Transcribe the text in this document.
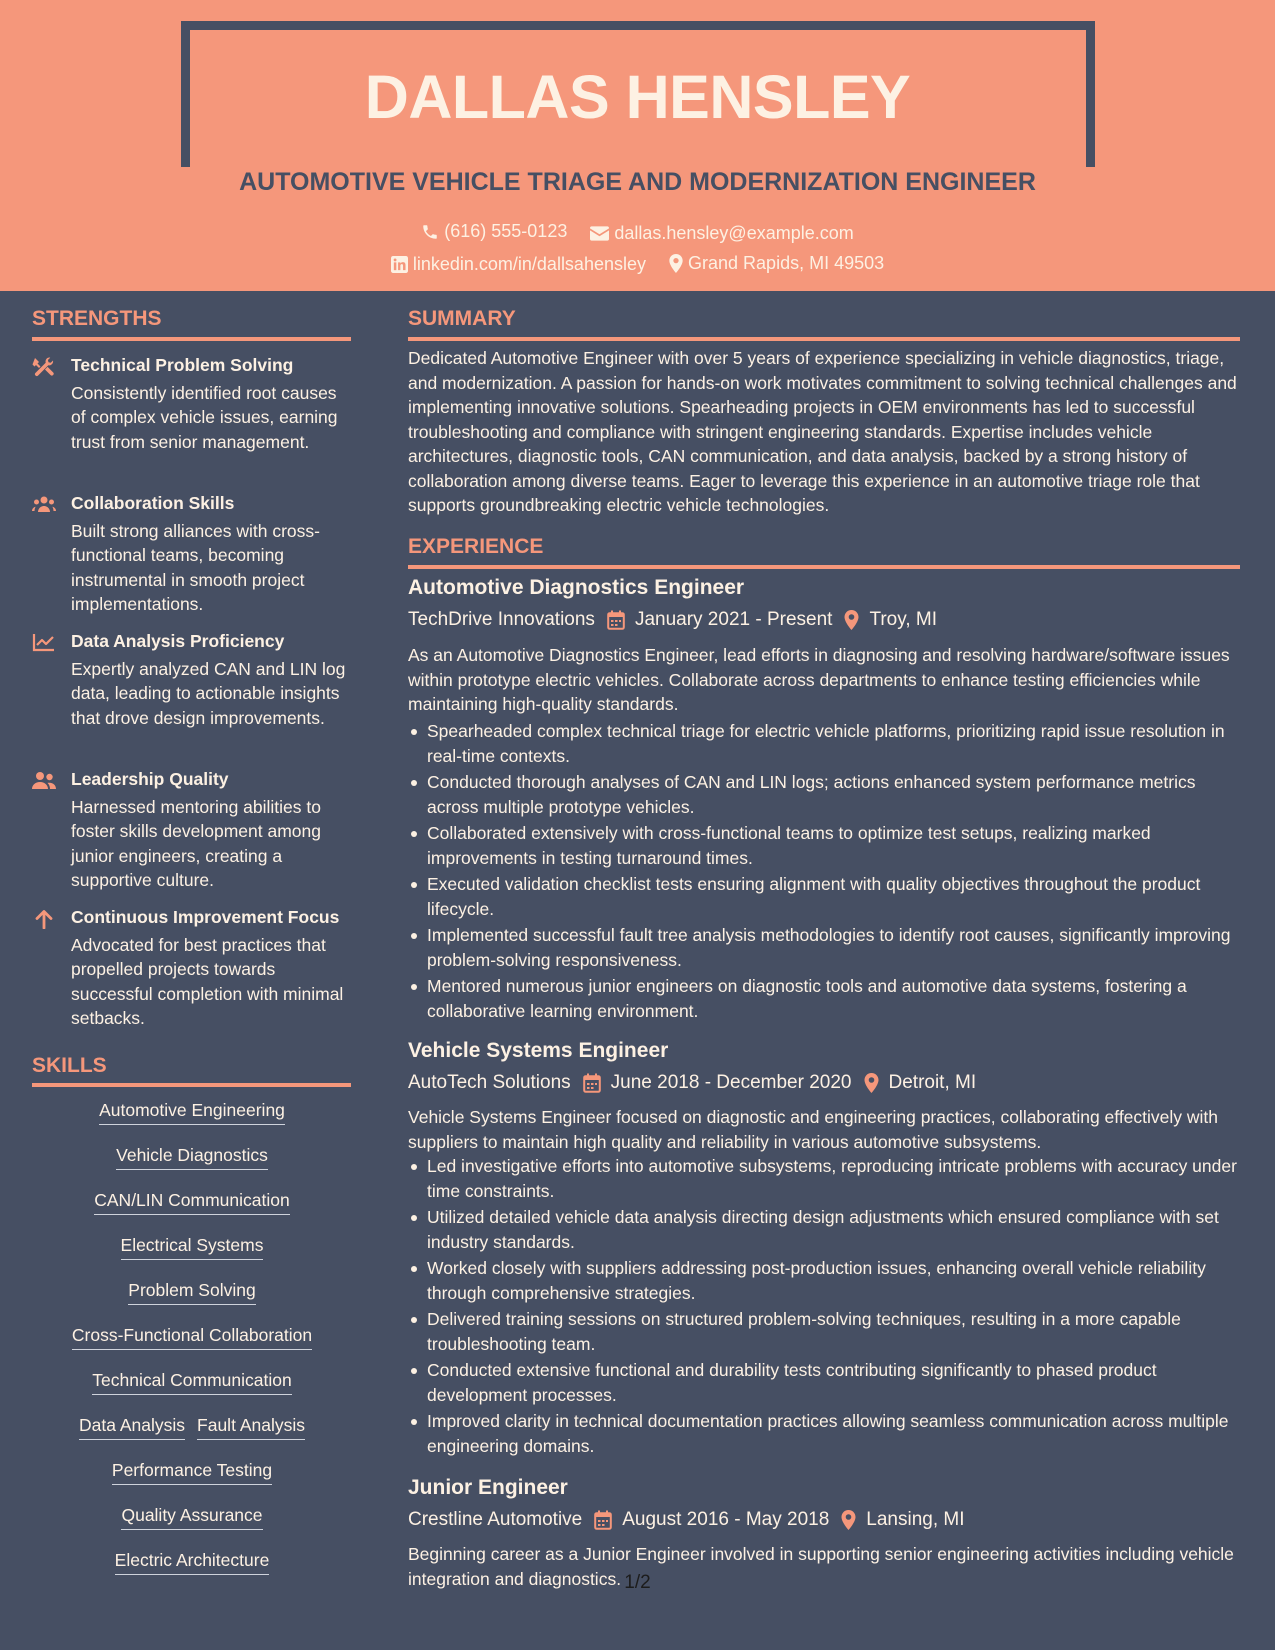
DALLAS HENSLEY
AUTOMOTIVE VEHICLE TRIAGE AND MODERNIZATION ENGINEER
(616) 555-0123
	dallas.hensley@example.com
linkedin.com/in/dallsahensley
Grand Rapids, MI 49503
STRENGTHS
Technical Problem Solving
Consistently identified root causes of complex vehicle issues, earning trust from senior management.
Collaboration Skills
Built strong alliances with cross-functional teams, becoming instrumental in smooth project implementations.
Data Analysis Proficiency
Expertly analyzed CAN and LIN log data, leading to actionable insights that drove design improvements.
Leadership Quality
Harnessed mentoring abilities to foster skills development among junior engineers, creating a supportive culture.
Continuous Improvement Focus
Advocated for best practices that propelled projects towards successful completion with minimal setbacks.
SKILLS
Automotive Engineering
Vehicle Diagnostics
CAN/LIN Communication
Electrical Systems
Problem Solving
Cross-Functional Collaboration
Technical Communication
Data Analysis Fault Analysis
Performance Testing
Quality Assurance
Electric Architecture
SUMMARY
Dedicated Automotive Engineer with over 5 years of experience specializing in vehicle diagnostics, triage, and modernization. A passion for hands-on work motivates commitment to solving technical challenges and implementing innovative solutions. Spearheading projects in OEM environments has led to successful troubleshooting and compliance with stringent engineering standards. Expertise includes vehicle architectures, diagnostic tools, CAN communication, and data analysis, backed by a strong history of collaboration among diverse teams. Eager to leverage this experience in an automotive triage role that supports groundbreaking electric vehicle technologies.
EXPERIENCE
Automotive Diagnostics Engineer
TechDrive Innovations January 2021 - Present Troy, MI
As an Automotive Diagnostics Engineer, lead efforts in diagnosing and resolving hardware/software issues within prototype electric vehicles. Collaborate across departments to enhance testing efficiencies while maintaining high-quality standards.
Spearheaded complex technical triage for electric vehicle platforms, prioritizing rapid issue resolution in real-time contexts.
Conducted thorough analyses of CAN and LIN logs; actions enhanced system performance metrics across multiple prototype vehicles.
Collaborated extensively with cross-functional teams to optimize test setups, realizing marked improvements in testing turnaround times.
Executed validation checklist tests ensuring alignment with quality objectives throughout the product lifecycle.
Implemented successful fault tree analysis methodologies to identify root causes, significantly improving problem-solving responsiveness.
Mentored numerous junior engineers on diagnostic tools and automotive data systems, fostering a collaborative learning environment.
Vehicle Systems Engineer
AutoTech Solutions June 2018 - December 2020 Detroit, MI
Vehicle Systems Engineer focused on diagnostic and engineering practices, collaborating effectively with suppliers to maintain high quality and reliability in various automotive subsystems.
Led investigative efforts into automotive subsystems, reproducing intricate problems with accuracy under time constraints.
Utilized detailed vehicle data analysis directing design adjustments which ensured compliance with set industry standards.
Worked closely with suppliers addressing post-production issues, enhancing overall vehicle reliability through comprehensive strategies.
Delivered training sessions on structured problem-solving techniques, resulting in a more capable troubleshooting team.
Conducted extensive functional and durability tests contributing significantly to phased product development processes.
Improved clarity in technical documentation practices allowing seamless communication across multiple engineering domains.
Junior Engineer
Crestline Automotive August 2016 - May 2018 Lansing, MI
Beginning career as a Junior Engineer involved in supporting senior engineering activities including vehicle integration and diagnostics. 1/2
